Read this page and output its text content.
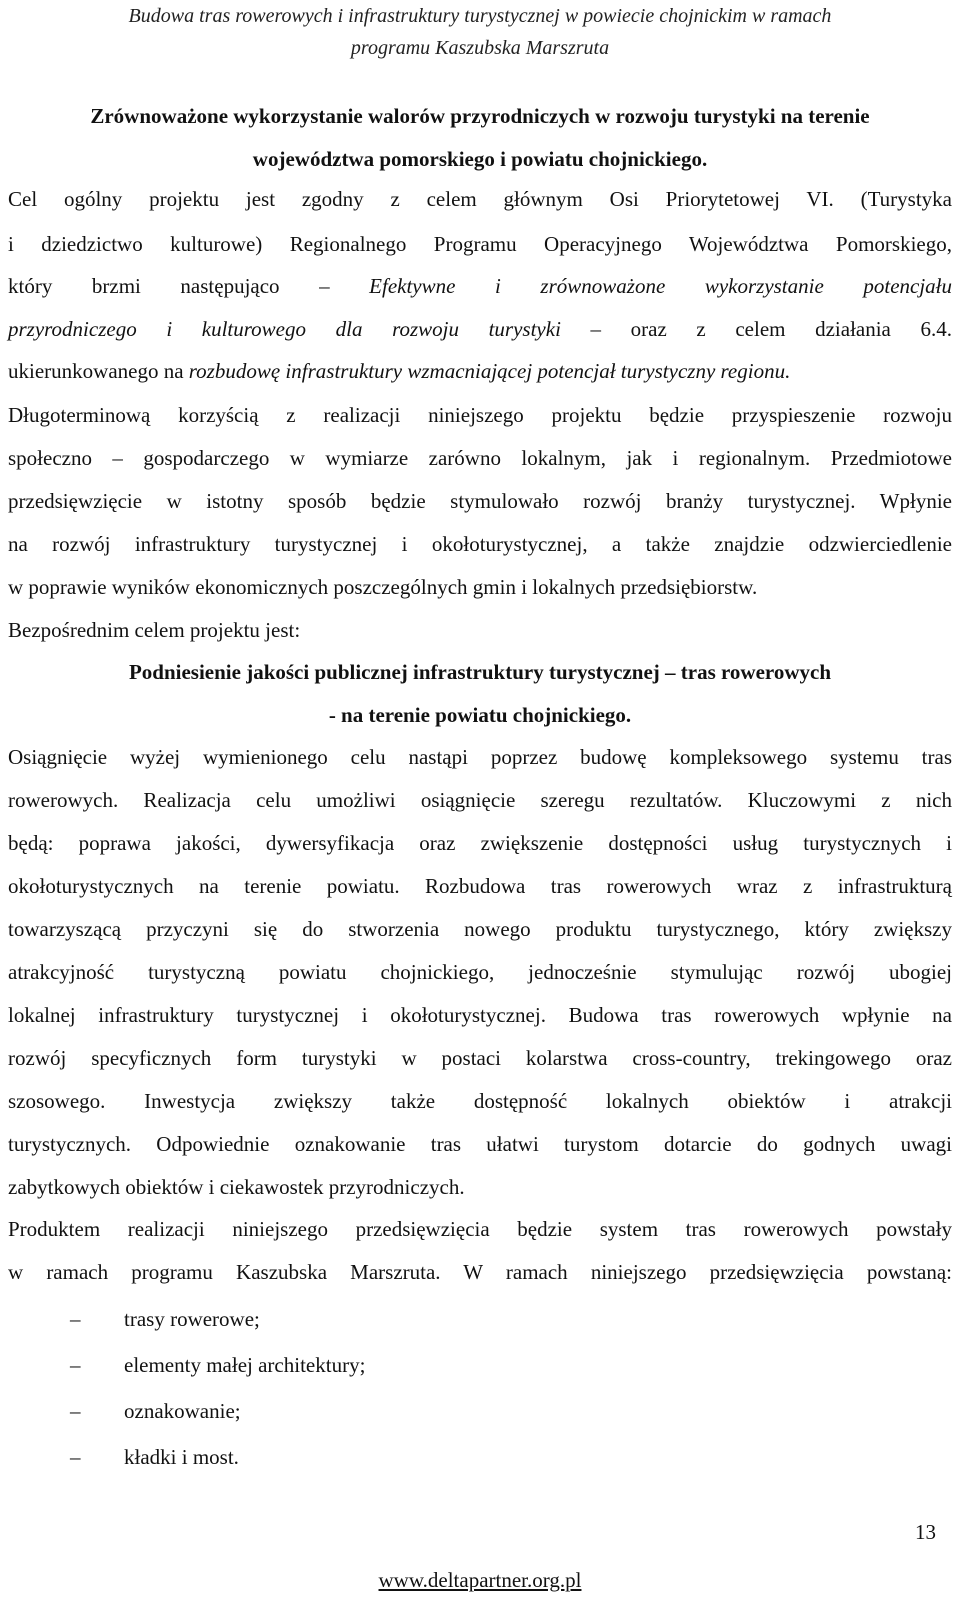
Budowa tras rowerowych i infrastruktury turystycznej w powiecie chojnickim w ramach
programu Kaszubska Marszruta
Zrównoważone wykorzystanie walorów przyrodniczych w rozwoju turystyki na terenie
województwa pomorskiego i powiatu chojnickiego.
Cel ogólny projektu jest zgodny z celem głównym Osi Priorytetowej VI. (Turystyka
i dziedzictwo kulturowe) Regionalnego Programu Operacyjnego Województwa Pomorskiego,
który brzmi następująco – Efektywne i zrównoważone wykorzystanie potencjału
przyrodniczego i kulturowego dla rozwoju turystyki – oraz z celem działania 6.4.
ukierunkowanego na rozbudowę infrastruktury wzmacniającej potencjał turystyczny regionu.
Długoterminową korzyścią z realizacji niniejszego projektu będzie przyspieszenie rozwoju
społeczno – gospodarczego w wymiarze zarówno lokalnym, jak i regionalnym. Przedmiotowe
przedsięwzięcie w istotny sposób będzie stymulowało rozwój branży turystycznej. Wpłynie
na rozwój infrastruktury turystycznej i okołoturystycznej, a także znajdzie odzwierciedlenie
w poprawie wyników ekonomicznych poszczególnych gmin i lokalnych przedsiębiorstw.
Bezpośrednim celem projektu jest:
Podniesienie jakości publicznej infrastruktury turystycznej – tras rowerowych
- na terenie powiatu chojnickiego.
Osiągnięcie wyżej wymienionego celu nastąpi poprzez budowę kompleksowego systemu tras
rowerowych. Realizacja celu umożliwi osiągnięcie szeregu rezultatów. Kluczowymi z nich
będą: poprawa jakości, dywersyfikacja oraz zwiększenie dostępności usług turystycznych i
okołoturystycznych na terenie powiatu. Rozbudowa tras rowerowych wraz z infrastrukturą
towarzyszącą przyczyni się do stworzenia nowego produktu turystycznego, który zwiększy
atrakcyjność turystyczną powiatu chojnickiego, jednocześnie stymulując rozwój ubogiej
lokalnej infrastruktury turystycznej i okołoturystycznej. Budowa tras rowerowych wpłynie na
rozwój specyficznych form turystyki w postaci kolarstwa cross-country, trekingowego oraz
szosowego. Inwestycja zwiększy także dostępność lokalnych obiektów i atrakcji
turystycznych. Odpowiednie oznakowanie tras ułatwi turystom dotarcie do godnych uwagi
zabytkowych obiektów i ciekawostek przyrodniczych.
Produktem realizacji niniejszego przedsięwzięcia będzie system tras rowerowych powstały
w ramach programu Kaszubska Marszruta. W ramach niniejszego przedsięwzięcia powstaną:
– trasy rowerowe;
– elementy małej architektury;
– oznakowanie;
– kładki i most.
13
www.deltapartner.org.pl
